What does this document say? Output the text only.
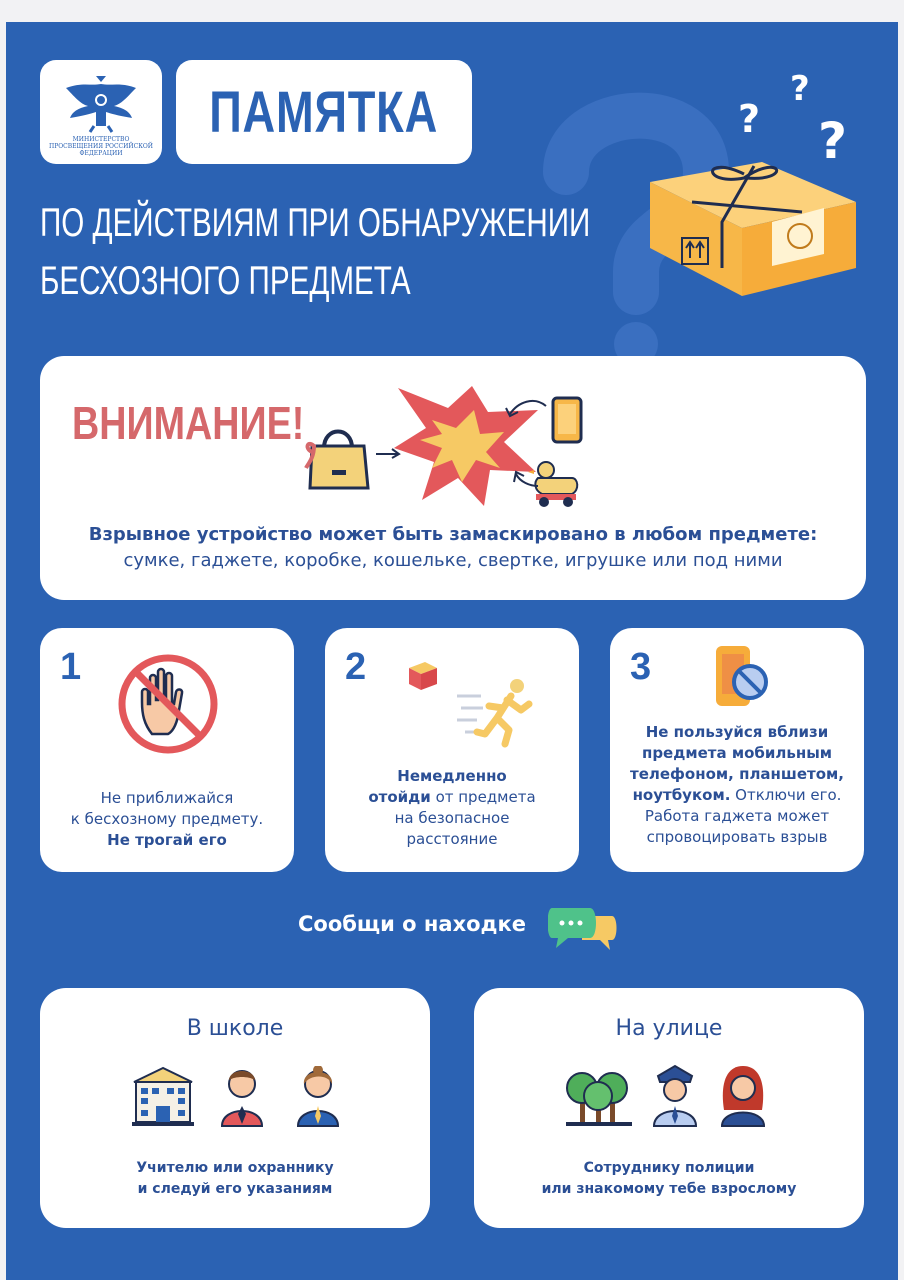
МИНИСТЕРСТВО ПРОСВЕЩЕНИЯ РОССИЙСКОЙ ФЕДЕРАЦИИ
ПАМЯТКА
ПО ДЕЙСТВИЯМ ПРИ ОБНАРУЖЕНИИ
БЕСХОЗНОГО ПРЕДМЕТА
?
?
?
ВНИМАНИЕ!
Взрывное устройство может быть замаскировано в любом предмете:
сумке, гаджете, коробке, кошельке, свертке, игрушке или под ними
1
Не приближайся
к бесхозному предмету.
Не трогай его
2
Немедленно
отойди от предмета
на безопасное
расстояние
3
Не пользуйся вблизи
предмета мобильным
телефоном, планшетом,
ноутбуком. Отключи его.
Работа гаджета может
спровоцировать взрыв
Сообщи о находке
В школе
Учителю или охраннику
и следуй его указаниям
На улице
Сотруднику полиции
или знакомому тебе взрослому
